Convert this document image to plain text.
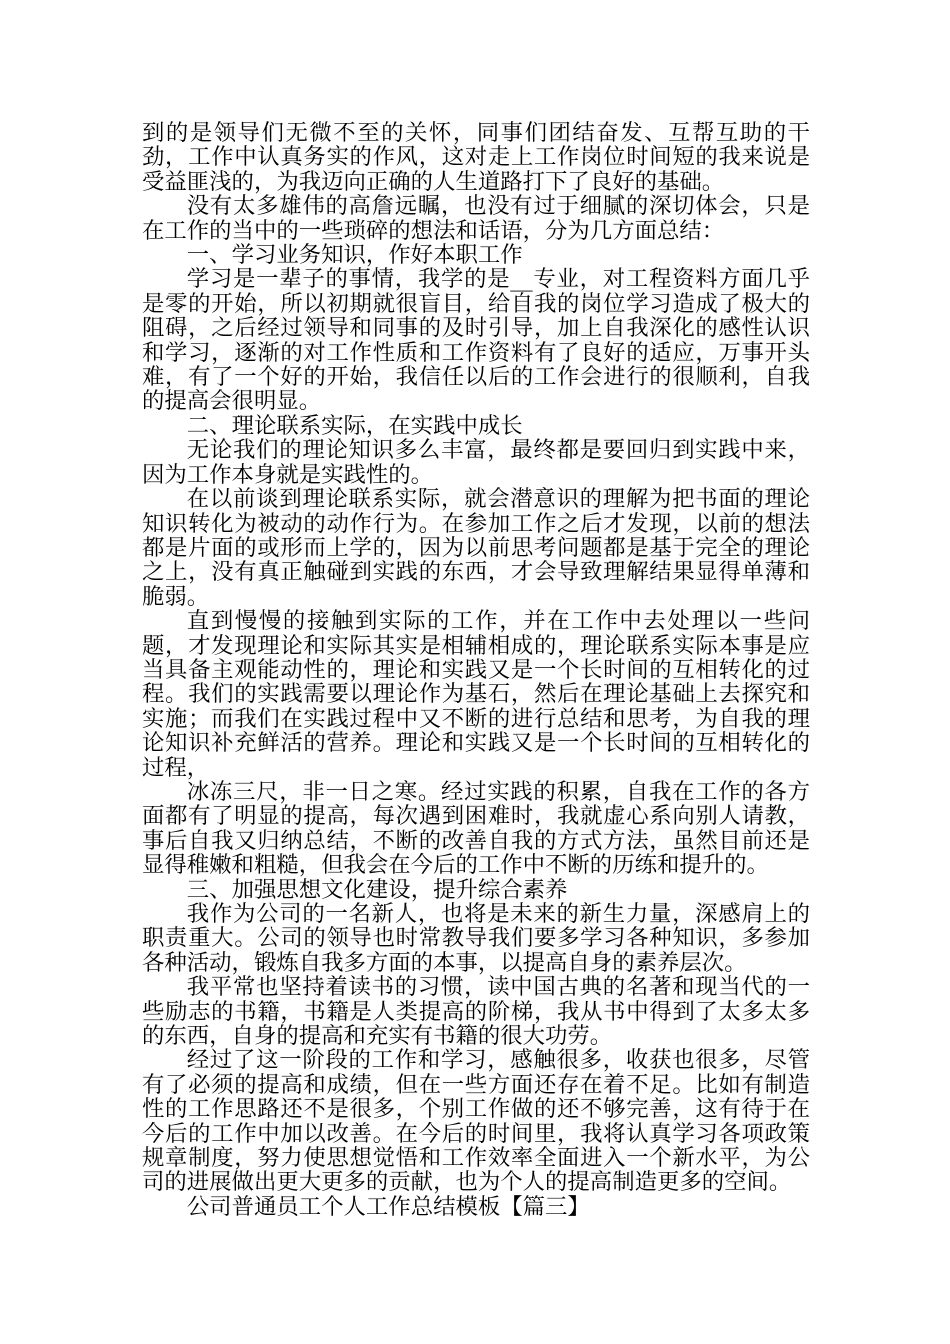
到的是领导们无微不至的关怀，同事们团结奋发、互帮互助的干劲，工作中认真务实的作风，这对走上工作岗位时间短的我来说是受益匪浅的，为我迈向正确的人生道路打下了良好的基础。

没有太多雄伟的高詹远瞩，也没有过于细腻的深切体会，只是在工作的当中的一些琐碎的想法和话语，分为几方面总结：

一、学习业务知识，作好本职工作

学习是一辈子的事情，我学的是__专业，对工程资料方面几乎是零的开始，所以初期就很盲目，给自我的岗位学习造成了极大的阻碍，之后经过领导和同事的及时引导，加上自我深化的感性认识和学习，逐渐的对工作性质和工作资料有了良好的适应，万事开头难，有了一个好的开始，我信任以后的工作会进行的很顺利，自我的提高会很明显。

二、理论联系实际，在实践中成长

无论我们的理论知识多么丰富，最终都是要回归到实践中来，因为工作本身就是实践性的。

在以前谈到理论联系实际，就会潜意识的理解为把书面的理论知识转化为被动的动作行为。在参加工作之后才发现，以前的想法都是片面的或形而上学的，因为以前思考问题都是基于完全的理论之上，没有真正触碰到实践的东西，才会导致理解结果显得单薄和脆弱。

直到慢慢的接触到实际的工作，并在工作中去处理以一些问题，才发现理论和实际其实是相辅相成的，理论联系实际本事是应当具备主观能动性的，理论和实践又是一个长时间的互相转化的过程。我们的实践需要以理论作为基石，然后在理论基础上去探究和实施；而我们在实践过程中又不断的进行总结和思考，为自我的理论知识补充鲜活的营养。理论和实践又是一个长时间的互相转化的过程，

冰冻三尺，非一日之寒。经过实践的积累，自我在工作的各方面都有了明显的提高，每次遇到困难时，我就虚心系向别人请教，事后自我又归纳总结，不断的改善自我的方式方法，虽然目前还是显得稚嫩和粗糙，但我会在今后的工作中不断的历练和提升的。

三、加强思想文化建设，提升综合素养

我作为公司的一名新人，也将是未来的新生力量，深感肩上的职责重大。公司的领导也时常教导我们要多学习各种知识，多参加各种活动，锻炼自我多方面的本事，以提高自身的素养层次。

我平常也坚持着读书的习惯，读中国古典的名著和现当代的一些励志的书籍，书籍是人类提高的阶梯，我从书中得到了太多太多的东西，自身的提高和充实有书籍的很大功劳。

经过了这一阶段的工作和学习，感触很多，收获也很多，尽管有了必须的提高和成绩，但在一些方面还存在着不足。比如有制造性的工作思路还不是很多，个别工作做的还不够完善，这有待于在今后的工作中加以改善。在今后的时间里，我将认真学习各项政策规章制度，努力使思想觉悟和工作效率全面进入一个新水平，为公司的进展做出更大更多的贡献，也为个人的提高制造更多的空间。

公司普通员工个人工作总结模板【篇三】
